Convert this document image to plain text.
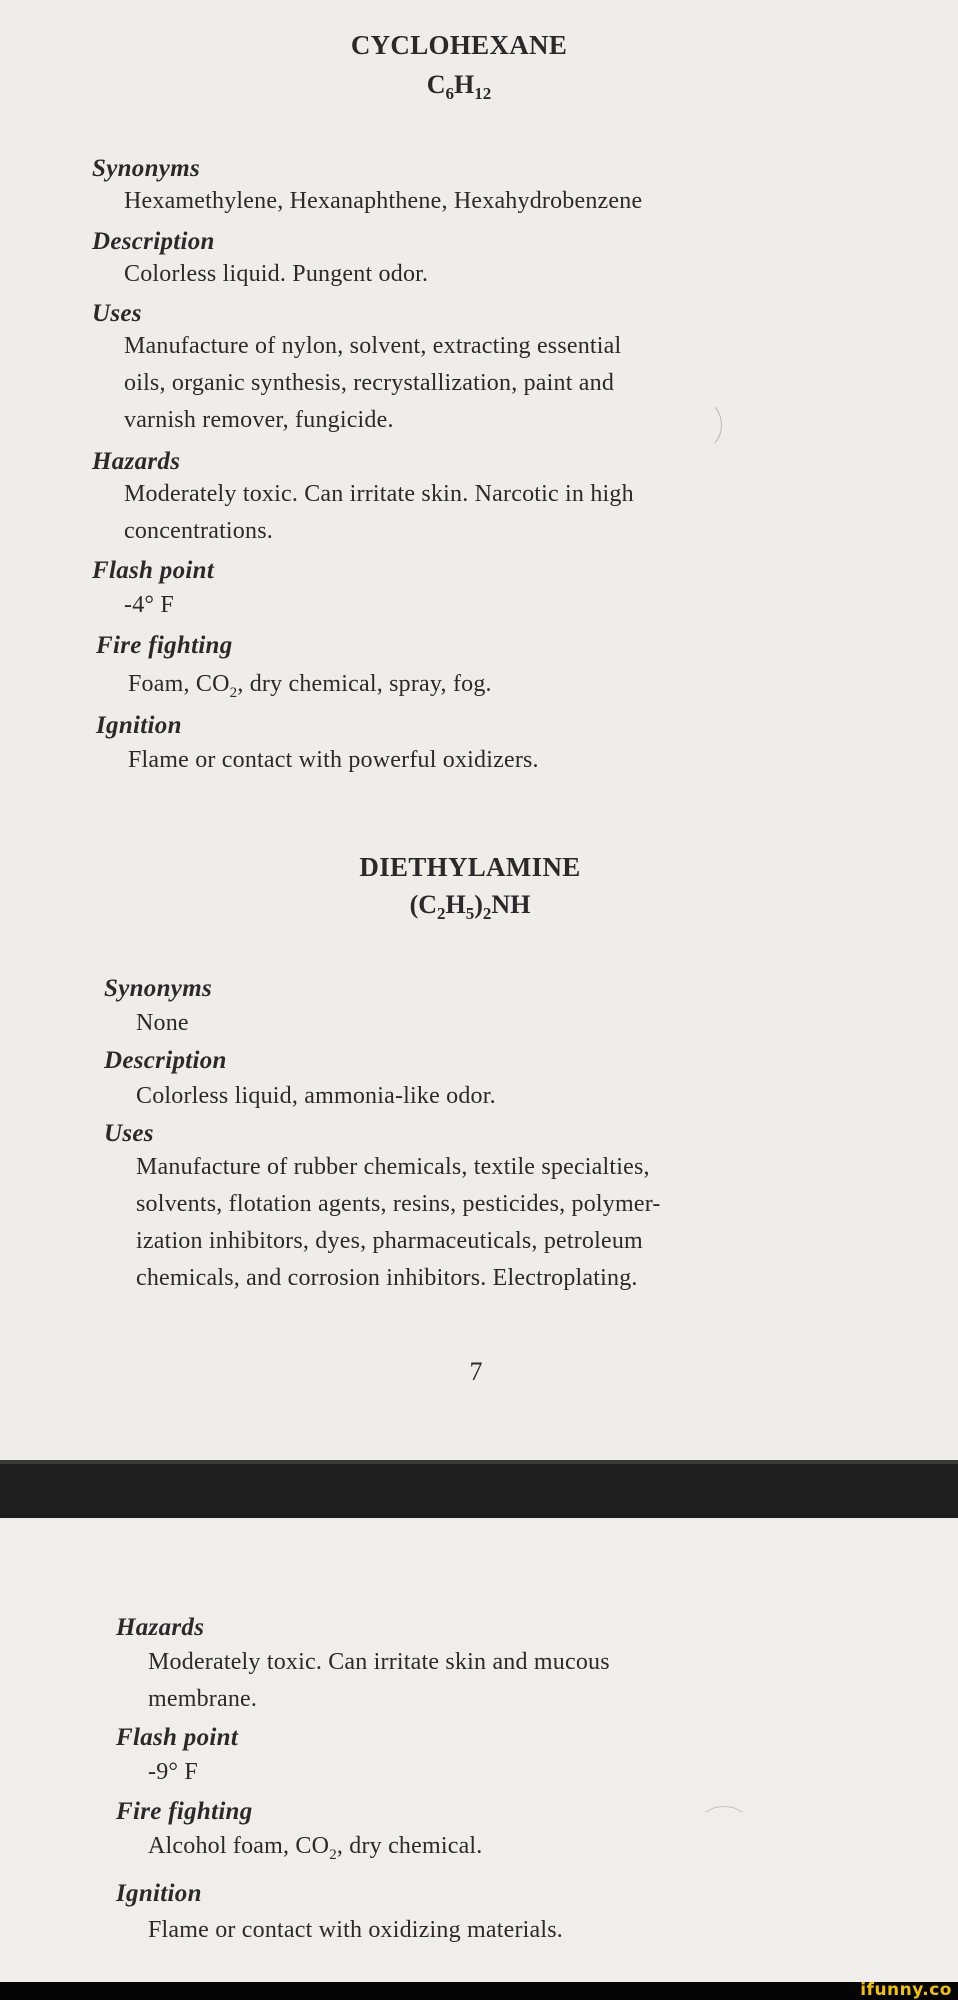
CYCLOHEXANE
$C_6H_{12}$
Synonyms
Hexamethylene, Hexanaphthene, Hexahydrobenzene
Description
Colorless liquid. Pungent odor.
Uses
Manufacture of nylon, solvent, extracting essential
oils, organic synthesis, recrystallization, paint and
varnish remover, fungicide.
Hazards
Moderately toxic. Can irritate skin. Narcotic in high
concentrations.
Flash point
-4° F
Fire fighting
Foam, $CO_2$, dry chemical, spray, fog.
Ignition
Flame or contact with powerful oxidizers.
DIETHYLAMINE
$(C_2H_5)_2NH$
Synonyms
None
Description
Colorless liquid, ammonia-like odor.
Uses
Manufacture of rubber chemicals, textile specialties,
solvents, flotation agents, resins, pesticides, polymer-
ization inhibitors, dyes, pharmaceuticals, petroleum
chemicals, and corrosion inhibitors. Electroplating.
7
Hazards
Moderately toxic. Can irritate skin and mucous
membrane.
Flash point
-9° F
Fire fighting
Alcohol foam, $CO_2$, dry chemical.
Ignition
Flame or contact with oxidizing materials.
ifunny.co
